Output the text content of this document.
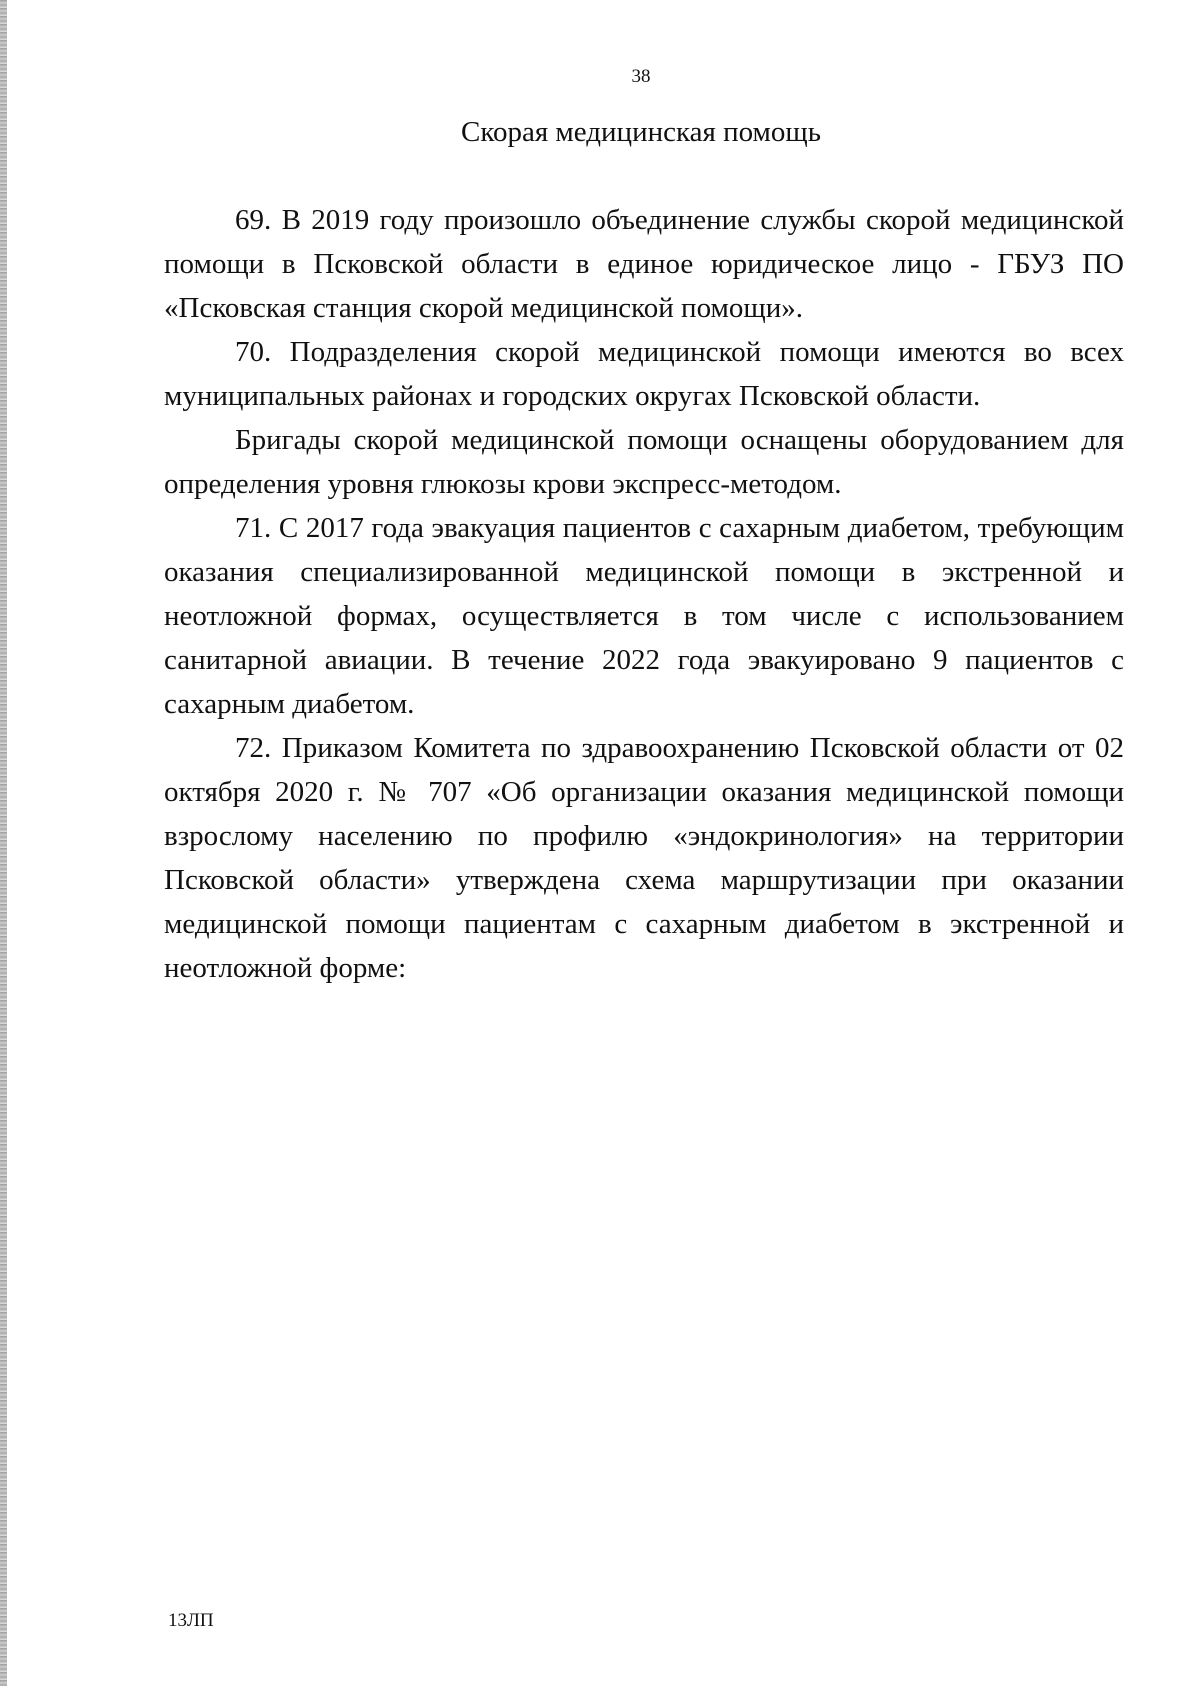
38
Скорая медицинская помощь

69. В 2019 году произошло объединение службы скорой медицинской помощи в Псковской области в единое юридическое лицо - ГБУЗ ПО «Псковская станция скорой медицинской помощи».

70. Подразделения скорой медицинской помощи имеются во всех муниципальных районах и городских округах Псковской области.

Бригады скорой медицинской помощи оснащены оборудованием для определения уровня глюкозы крови экспресс-методом.

71. С 2017 года эвакуация пациентов с сахарным диабетом, требующим оказания специализированной медицинской помощи в экстренной и неотложной формах, осуществляется в том числе с использованием санитарной авиации. В течение 2022 года эвакуировано 9 пациентов с сахарным диабетом.

72. Приказом Комитета по здравоохранению Псковской области от 02 октября 2020 г. № 707 «Об организации оказания медицинской помощи взрослому населению по профилю «эндокринология» на территории Псковской области» утверждена схема маршрутизации при оказании медицинской помощи пациентам с сахарным диабетом в экстренной и неотложной форме:

13ЛП
